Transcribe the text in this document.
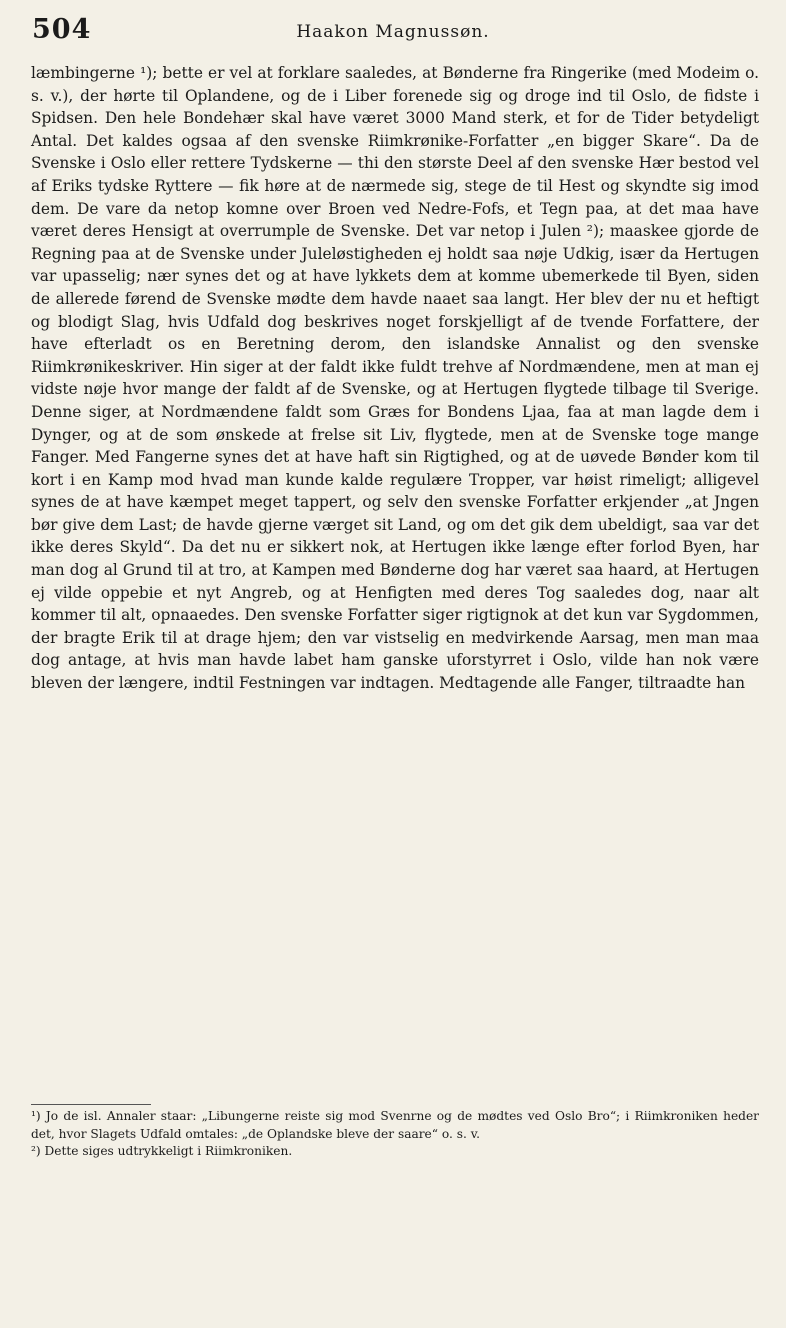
504	Haakon Magnussøn.

læmbingerne ¹); bette er vel at forklare saaledes, at Bønderne fra Ringerike (med Modeim o. s. v.), der hørte til Oplandene, og de i Liber forenede sig og droge ind til Oslo, de fidste i Spidsen. Den hele Bondehær skal have været 3000 Mand sterk, et for de Tider betydeligt Antal. Det kaldes ogsaa af den svenske Riimkrønike-Forfatter „en bigger Skare“. Da de Svenske i Oslo eller rettere Tydskerne — thi den største Deel af den svenske Hær bestod vel af Eriks tydske Ryttere — fik høre at de nærmede sig, stege de til Hest og skyndte sig imod dem. De vare da netop komne over Broen ved Nedre-Fofs, et Tegn paa, at det maa have været deres Hensigt at overrumple de Svenske. Det var netop i Julen ²); maaskee gjorde de Regning paa at de Svenske under Juleløstigheden ej holdt saa nøje Udkig, især da Hertugen var upasselig; nær synes det og at have lykkets dem at komme ubemerkede til Byen, siden de allerede førend de Svenske mødte dem havde naaet saa langt. Her blev der nu et heftigt og blodigt Slag, hvis Udfald dog beskrives noget forskjelligt af de tvende Forfattere, der have efterladt os en Beretning derom, den islandske Annalist og den svenske Riimkrønikeskriver. Hin siger at der faldt ikke fuldt trehve af Nordmændene, men at man ej vidste nøje hvor mange der faldt af de Svenske, og at Hertugen flygtede tilbage til Sverige. Denne siger, at Nordmændene faldt som Græs for Bondens Ljaa, faa at man lagde dem i Dynger, og at de som ønskede at frelse sit Liv, flygtede, men at de Svenske toge mange Fanger. Med Fangerne synes det at have haft sin Rigtighed, og at de uøvede Bønder kom til kort i en Kamp mod hvad man kunde kalde regulære Tropper, var høist rimeligt; alligevel synes de at have kæmpet meget tappert, og selv den svenske Forfatter erkjender „at Jngen bør give dem Last; de havde gjerne værget sit Land, og om det gik dem ubeldigt, saa var det ikke deres Skyld“. Da det nu er sikkert nok, at Hertugen ikke længe efter forlod Byen, har man dog al Grund til at tro, at Kampen med Bønderne dog har været saa haard, at Hertugen ej vilde oppebie et nyt Angreb, og at Henfigten med deres Tog saaledes dog, naar alt kommer til alt, opnaaedes. Den svenske Forfatter siger rigtignok at det kun var Sygdommen, der bragte Erik til at drage hjem; den var vistselig en medvirkende Aarsag, men man maa dog antage, at hvis man havde labet ham ganske uforstyrret i Oslo, vilde han nok være bleven der længere, indtil Festningen var indtagen. Medtagende alle Fanger, tiltraadte han

¹) Jo de isl. Annaler staar: „Libungerne reiste sig mod Svenrne og de mødtes ved Oslo Bro“; i Riimkroniken heder det, hvor Slagets Udfald omtales: „de Oplandske bleve der saare“ o. s. v.

²) Dette siges udtrykkeligt i Riimkroniken.
